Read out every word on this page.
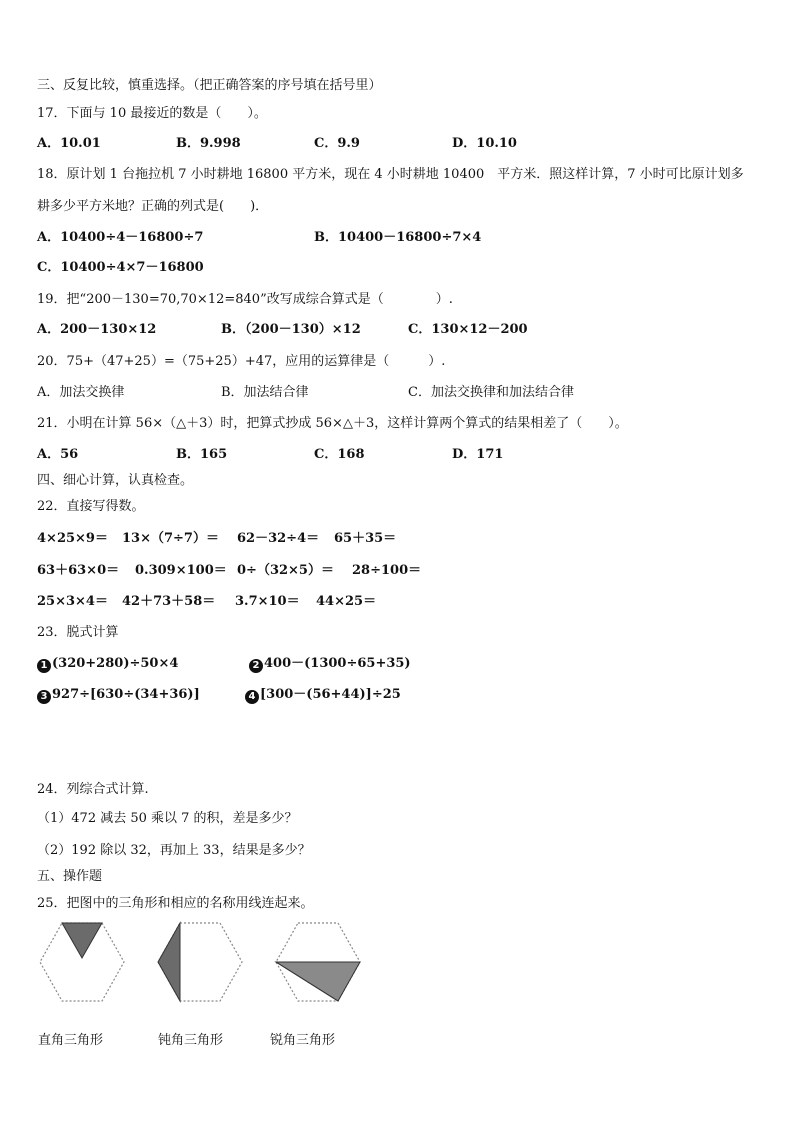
三、反复比较，慎重选择。（把正确答案的序号填在括号里）
17．下面与 10 最接近的数是（　　）。
A．10.01	B．9.998	C．9.9	D．10.10
18．原计划 1 台拖拉机 7 小时耕地 16800 平方米，现在 4 小时耕地 10400　平方米．照这样计算，7 小时可比原计划多
耕多少平方米地？正确的列式是(　　)．
A．10400÷4－16800÷7	B．10400－16800÷7×4
C．10400÷4×7－16800
19．把“200－130=70,70×12=840”改写成综合算式是（　　　　）.
A．200－130×12	B．（200－130）×12	C．130×12－200
20．75+（47+25）=（75+25）+47，应用的运算律是（　　　）.
A．加法交换律	B．加法结合律	C．加法交换律和加法结合律
21．小明在计算 56×（△＋3）时，把算式抄成 56×△＋3，这样计算两个算式的结果相差了（　　）。
A．56	B．165	C．168	D．171
四、细心计算，认真检查。
22．直接写得数。
4×25×9＝ 13×（7÷7）＝ 62－32÷4＝ 65＋35＝
63＋63×0＝ 0.309×100＝ 0÷（32×5）＝ 28÷100＝
25×3×4＝ 42＋73＋58＝ 3.7×10＝ 44×25＝
23．脱式计算
1 (320+280)÷50×4	2 400－(1300÷65+35)
3 927÷[630÷(34+36)]	4 [300－(56+44)]÷25
24．列综合式计算.
（1）472 减去 50 乘以 7 的积，差是多少？
（2）192 除以 32，再加上 33，结果是多少？
五、操作题
25．把图中的三角形和相应的名称用线连起来。
直角三角形	钝角三角形	锐角三角形
